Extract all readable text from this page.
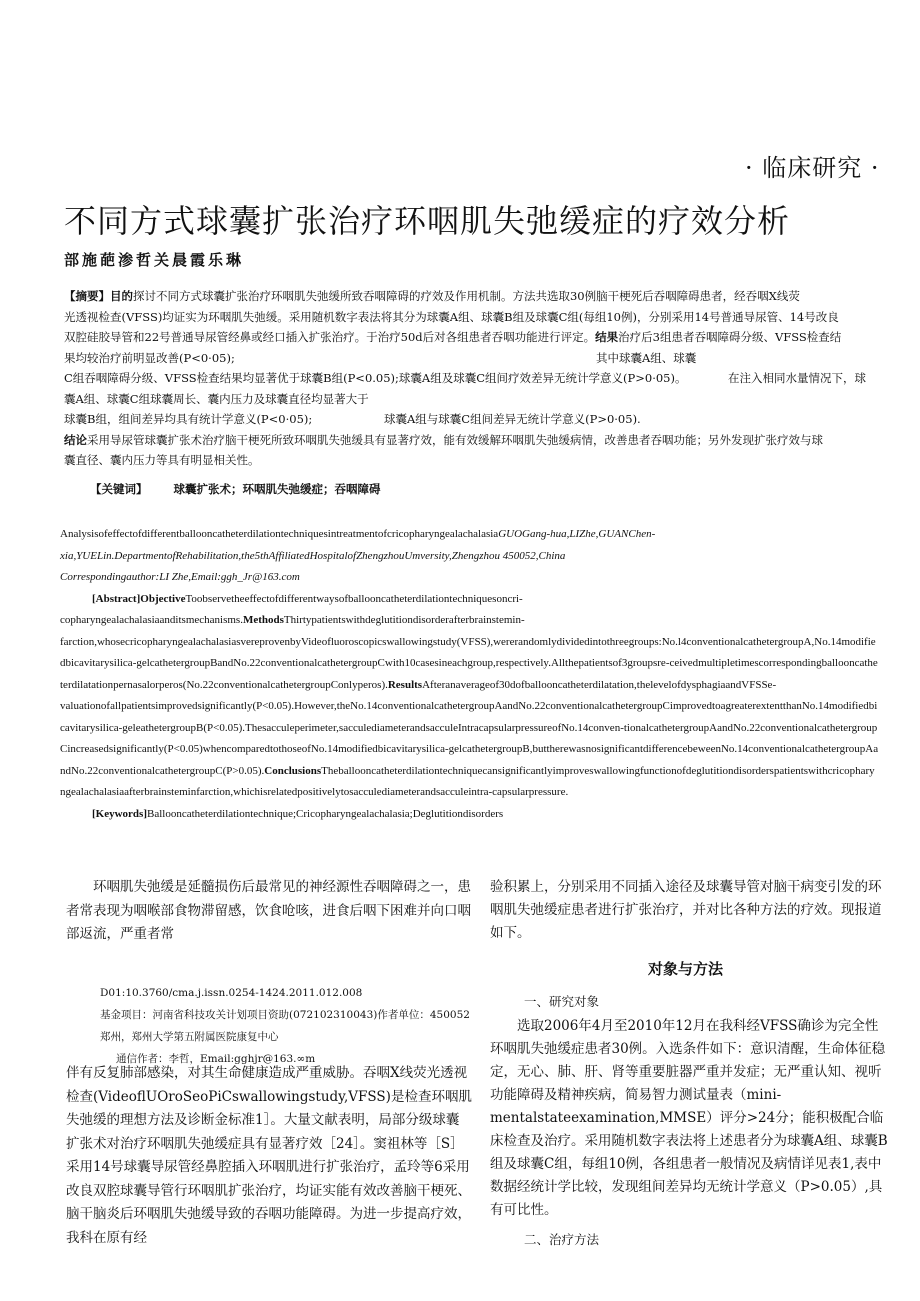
· 临床研究 ·
不同方式球囊扩张治疗环咽肌失弛缓症的疗效分析
部施葩渗哲关晨霞乐琳

【摘要】目的探讨不同方式球囊扩张治疗环咽肌失弛缓所致吞咽障碍的疗效及作用机制。方法共选取30例脑干梗死后吞咽障碍患者，经吞咽X线荧

光透视检查(VFSS)均证实为环咽肌失弛缓。采用随机数字表法将其分为球囊A组、球囊B组及球囊C组(每组10例)，分别采用14号普通导尿管、14号改良

双腔硅胶导管和22号普通导尿管经鼻或经口插入扩张治疗。于治疗50d后对各组患者吞咽功能进行评定。结果治疗后3组患者吞咽障碍分级、VFSS检查结

果均较治疗前明显改善(P<0·05);	其中球囊A组、球囊

C组吞咽障碍分级、VFSS检查结果均显著优于球囊B组(P<0.05);球囊A组及球囊C组间疗效差异无统计学意义(P>0·05)。	在注入相同水量情况下，球

囊A组、球囊C组球囊周长、囊内压力及球囊直径均显著大于

球囊B组，组间差异均具有统计学意义(P<0·05);	球囊A组与球囊C组间差异无统计学意义(P>0·05).

结论采用导尿管球囊扩张术治疗脑干梗死所致环咽肌失弛缓具有显著疗效，能有效缓解环咽肌失弛缓病情，改善患者吞咽功能；另外发现扩张疗效与球

囊直径、囊内压力等具有明显相关性。

【关键词】 球囊扩张术；环咽肌失弛缓症；吞咽障碍

AnalysisofeffectofdifferentballooncatheterdilationtechniquesintreatmentofcricopharyngealachalasiaGUOGang-hua,LIZhe,GUANChen-

xia,YUELin.DepartmentofRehabilitation,the5thAffiliatedHospitalofZhengzhouUmversity,Zhengzhou 450052,China

Correspondingauthor:LI Zhe,Email:ggh_Jr@163.com

[Abstract]ObjectiveToobservetheeffectofdifferentwaysofballooncatheterdilationtechniquesoncri-

copharyngealachalasiaanditsmechanisms.MethodsThirtypatientswithdeglutitiondisorderafterbrainstemin-

farction,whosecricopharyngealachalasiasvereprovenbyVideofluoroscopicswallowingstudy(VFSS),wererandomlydividedintothreegroups:No.l4conventionalcathetergroupA,No.14modifiedbicavitarysilica-gelcathetergroupBandNo.22conventionalcathetergroupCwith10casesineachgroup,respectively.Allthepatientsof3groupsre-ceivedmultipletimescorrespondingballooncatheterdilatationpernasalorperos(No.22conventionalcathetergroupConlyperos).ResultsAfteranaverageof30dofballooncatheterdilatation,thelevelofdysphagiaandVFSSe-

valuationofallpatientsimprovedsignificantly(P<0.05).However,theNo.14conventionalcathetergroupAandNo.22conventionalcathetergroupCimprovedtoagreaterextentthanNo.14modifiedbicavitarysilica-geleathetergroupB(P<0.05).Thesacculeperimeter,sacculediameterandsacculeIntracapsularpressureofNo.14conven-tionalcathetergroupAandNo.22conventionalcathetergroupCincreasedsignificantly(P<0.05)whencomparedtothoseofNo.14modifiedbicavitarysilica-gelcathetergroupB,buttherewasnosignificantdifferencebeweenNo.14conventionalcathetergroupAandNo.22conventionalcathetergroupC(P>0.05).ConclusionsTheballooncatheterdilationtechniquecansignificantlyimproveswallowingfunctionofdeglutitiondisorderspatientswithcricopharyngealachalasiaafterbrainsteminfarction,whichisrelatedpositivelytosacculediameterandsacculeintra-capsularpressure.

[Keywords]Ballooncatheterdilationtechnique;Cricopharyngealachalasia;Deglutitiondisorders

环咽肌失弛缓是延髓损伤后最常见的神经源性吞咽障碍之一，患者常表现为咽喉部食物滞留感，饮食呛咳，进食后咽下困难并向口咽部返流，严重者常

D01:10.3760/cma.j.issn.0254-1424.2011.012.008

基金项目：河南省科技攻关计划项目资助(072102310043)作者单位：450052郑州，郑州大学第五附属医院康复中心

通信作者：李哲，Email:gghjr@163.∞m

伴有反复肺部感染，对其生命健康造成严重威胁。吞咽X线荧光透视检查(VideoflUOroSeoPiCswallowingstudy,VFSS)是检查环咽肌失弛缓的理想方法及诊断金标准1］。大量文献表明，局部分级球囊扩张术对治疗环咽肌失弛缓症具有显著疗效［24］。窦祖林等［S］采用14号球囊导尿管经鼻腔插入环咽肌进行扩张治疗，孟玲等6采用改良双腔球囊导管行环咽肌扩张治疗，均证实能有效改善脑干梗死、脑干脑炎后环咽肌失弛缓导致的吞咽功能障碍。为进一步提高疗效，我科在原有经

验积累上，分别采用不同插入途径及球囊导管对脑干病变引发的环咽肌失弛缓症患者进行扩张治疗，并对比各种方法的疗效。现报道如下。

对象与方法

一、研究对象

选取2006年4月至2010年12月在我科经VFSS确诊为完全性环咽肌失弛缓症患者30例。入选条件如下：意识清醒，生命体征稳定，无心、肺、肝、肾等重要脏器严重并发症；无严重认知、视听功能障碍及精神疾病，简易智力测试量表（mini-mentalstateexamination,MMSE）评分>24分；能积极配合临床检查及治疗。采用随机数字表法将上述患者分为球囊A组、球囊B组及球囊C组，每组10例，各组患者一般情况及病情详见表1,表中数据经统计学比较，发现组间差异均无统计学意义（P>0.05）,具有可比性。

二、治疗方法
